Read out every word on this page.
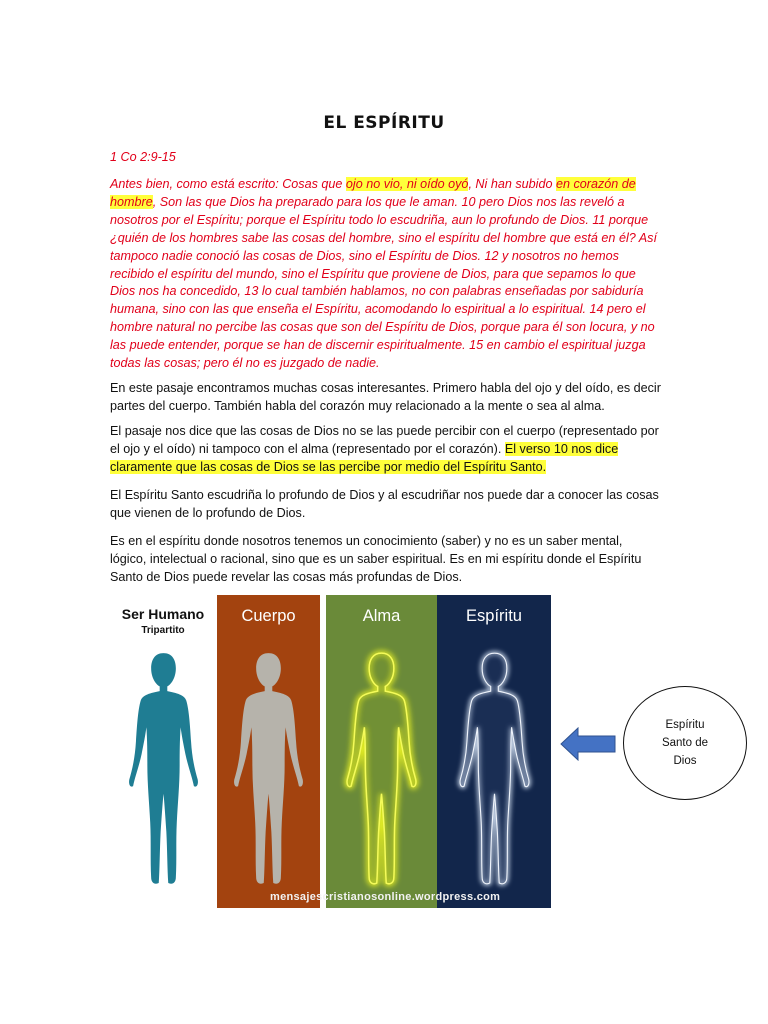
EL ESPÍRITU
1 Co 2:9-15
Antes bien, como está escrito: Cosas que ojo no vio, ni oído oyó, Ni han subido en corazón de hombre, Son las que Dios ha preparado para los que le aman. 10 pero Dios nos las reveló a nosotros por el Espíritu; porque el Espíritu todo lo escudriña, aun lo profundo de Dios. 11 porque ¿quién de los hombres sabe las cosas del hombre, sino el espíritu del hombre que está en él? Así tampoco nadie conoció las cosas de Dios, sino el Espíritu de Dios. 12 y nosotros no hemos recibido el espíritu del mundo, sino el Espíritu que proviene de Dios, para que sepamos lo que Dios nos ha concedido, 13 lo cual también hablamos, no con palabras enseñadas por sabiduría humana, sino con las que enseña el Espíritu, acomodando lo espiritual a lo espiritual. 14 pero el hombre natural no percibe las cosas que son del Espíritu de Dios, porque para él son locura, y no las puede entender, porque se han de discernir espiritualmente. 15 en cambio el espiritual juzga todas las cosas; pero él no es juzgado de nadie.
En este pasaje encontramos muchas cosas interesantes. Primero habla del ojo y del oído, es decir partes del cuerpo. También habla del corazón muy relacionado a la mente o sea al alma.
El pasaje nos dice que las cosas de Dios no se las puede percibir con el cuerpo (representado por el ojo y el oído) ni tampoco con el alma (representado por el corazón). El verso 10 nos dice claramente que las cosas de Dios se las percibe por medio del Espíritu Santo.
El Espíritu Santo escudriña lo profundo de Dios y al escudriñar nos puede dar a conocer las cosas que vienen de lo profundo de Dios.
Es en el espíritu donde nosotros tenemos un conocimiento (saber) y no es un saber mental, lógico, intelectual o racional, sino que es un saber espiritual. Es en mi espíritu donde el Espíritu Santo de Dios puede revelar las cosas más profundas de Dios.
Ser Humano
Tripartito
Cuerpo	Alma	Espíritu
mensajescristianosonline.wordpress.com
Espíritu Santo de Dios
